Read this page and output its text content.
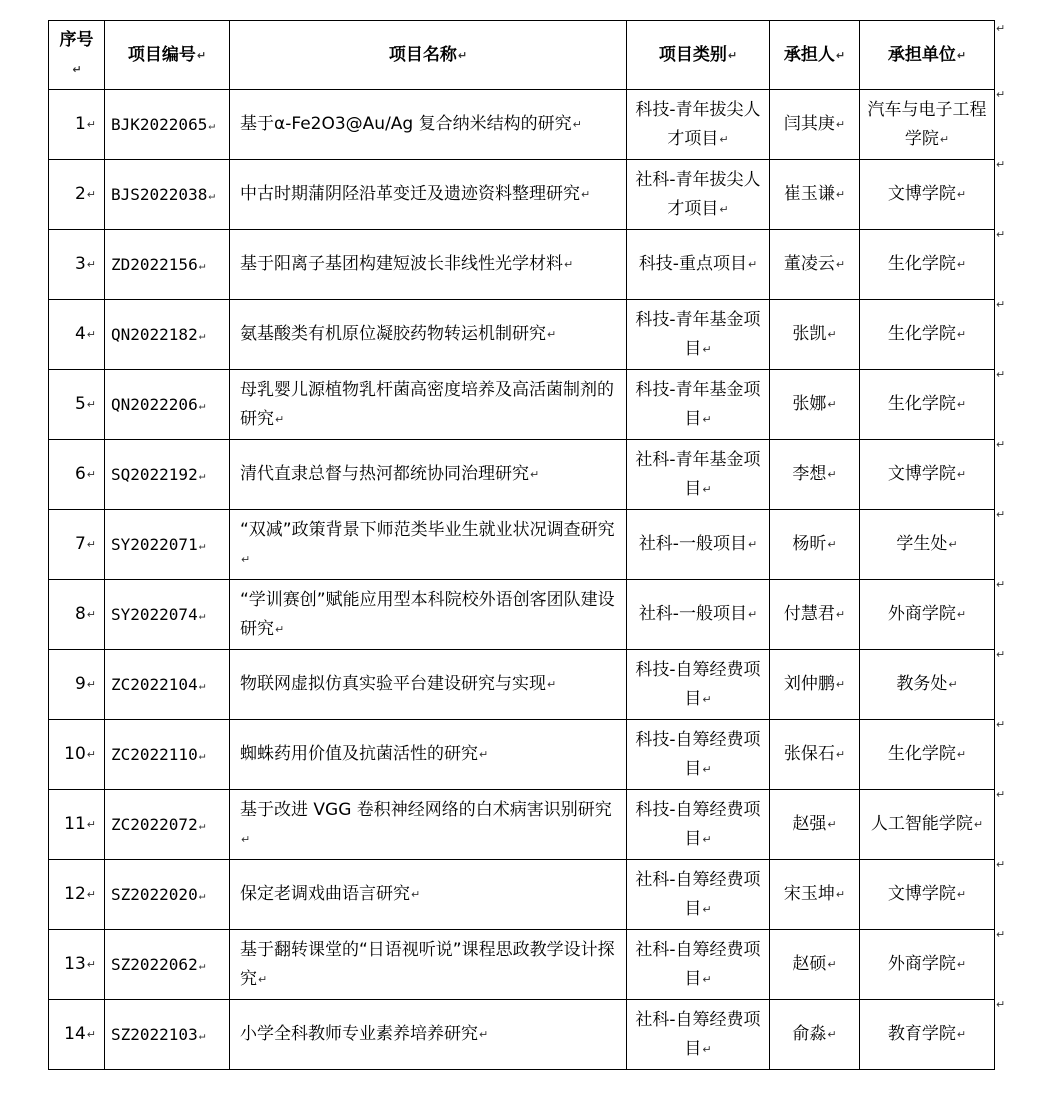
序号↵	项目编号↵	项目名称↵	项目类别↵	承担人↵	承担单位↵
1↵	BJK2022065↵	基于α-Fe2O3@Au/Ag 复合纳米结构的研究↵	科技-青年拔尖人才项目↵	闫其庚↵	汽车与电子工程学院↵
2↵	BJS2022038↵	中古时期蒲阴陉沿革变迁及遗迹资料整理研究↵	社科-青年拔尖人才项目↵	崔玉谦↵	文博学院↵
3↵	ZD2022156↵	基于阳离子基团构建短波长非线性光学材料↵	科技-重点项目↵	董凌云↵	生化学院↵
4↵	QN2022182↵	氨基酸类有机原位凝胶药物转运机制研究↵	科技-青年基金项目↵	张凯↵	生化学院↵
5↵	QN2022206↵	母乳婴儿源植物乳杆菌高密度培养及高活菌制剂的研究↵	科技-青年基金项目↵	张娜↵	生化学院↵
6↵	SQ2022192↵	清代直隶总督与热河都统协同治理研究↵	社科-青年基金项目↵	李想↵	文博学院↵
7↵	SY2022071↵	“双减”政策背景下师范类毕业生就业状况调查研究↵	社科-一般项目↵	杨昕↵	学生处↵
8↵	SY2022074↵	“学训赛创”赋能应用型本科院校外语创客团队建设研究↵	社科-一般项目↵	付慧君↵	外商学院↵
9↵	ZC2022104↵	物联网虚拟仿真实验平台建设研究与实现↵	科技-自筹经费项目↵	刘仲鹏↵	教务处↵
10↵	ZC2022110↵	蜘蛛药用价值及抗菌活性的研究↵	科技-自筹经费项目↵	张保石↵	生化学院↵
11↵	ZC2022072↵	基于改进 VGG 卷积神经网络的白术病害识别研究↵	科技-自筹经费项目↵	赵强↵	人工智能学院↵
12↵	SZ2022020↵	保定老调戏曲语言研究↵	社科-自筹经费项目↵	宋玉坤↵	文博学院↵
13↵	SZ2022062↵	基于翻转课堂的“日语视听说”课程思政教学设计探究↵	社科-自筹经费项目↵	赵硕↵	外商学院↵
14↵	SZ2022103↵	小学全科教师专业素养培养研究↵	社科-自筹经费项目↵	俞淼↵	教育学院↵
↵
↵
↵
↵
↵
↵
↵
↵
↵
↵
↵
↵
↵
↵
↵
